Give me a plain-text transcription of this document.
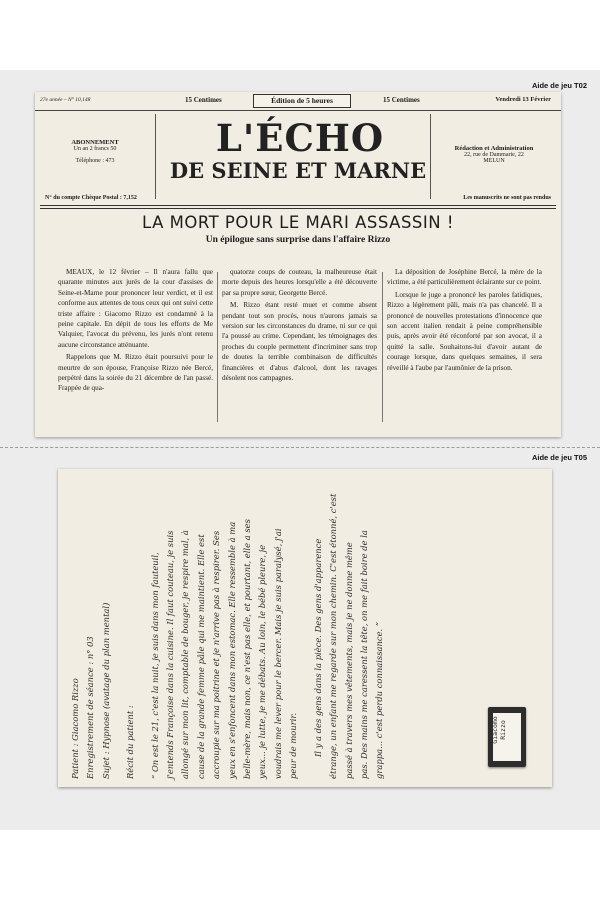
Aide de jeu T02
27e année – N° 10,148	15 Centimes	Édition de 5 heures	15 Centimes	Vendredi 13 Février
ABONNEMENT
Un an 2 francs 50
Téléphone : 473
N° du compte Chèque Postal : 7,152
L'ÉCHO
DE SEINE ET MARNE
Rédaction et Administration
22, rue de Dammarie, 22
MELUN
Les manuscrits ne sont pas rendus
LA MORT POUR LE MARI ASSASSIN !
Un épilogue sans surprise dans l'affaire Rizzo

MEAUX, le 12 février – Il n'aura fallu que quarante minutes aux jurés de la cour d'assises de Seine-et-Marne pour prononcer leur verdict, et il est conforme aux attentes de tous ceux qui ont suivi cette triste affaire : Giacomo Rizzo est condamné à la peine capitale. En dépit de tous les efforts de Me Valquier, l'avocat du prévenu, les jurés n'ont retenu aucune circonstance atténuante.

Rappelons que M. Rizzo était poursuivi pour le meurtre de son épouse, Françoise Rizzo née Bercé, perpétré dans la soirée du 21 décembre de l'an passé. Frappée de qua-

quatorze coups de couteau, la malheureuse était morte depuis des heures lorsqu'elle a été découverte par sa propre sœur, Georgette Bercé.

M. Rizzo étant resté muet et comme absent pendant tout son procès, nous n'aurons jamais sa version sur les circonstances du drame, ni sur ce qui l'a poussé au crime. Cependant, les témoignages des proches du couple permettent d'incriminer sans trop de doutes la terrible combinaison de difficultés financières et d'abus d'alcool, dont les ravages désolent nos campagnes.

La déposition de Joséphine Bercé, la mère de la victime, a été particulièrement éclairante sur ce point.

Lorsque le juge a prononcé les paroles fatidiques, Rizzo a légèrement pâli, mais n'a pas chancelé. Il a prononcé de nouvelles protestations d'innocence que son accent italien rendait à peine compréhensible puis, après avoir été réconforté par son avocat, il a quitté la salle. Souhaitons-lui d'avoir autant de courage lorsque, dans quelques semaines, il sera réveillé à l'aube par l'aumônier de la prison.

Aide de jeu T05
Patient : Giacomo Rizzo Enregistrement de séance : n° 03 Sujet : Hypnose (avatage du plan mental)	Récit du patient :	“ On est le 21, c'est la nuit, je suis dans mon fauteuil, j'entends Françoise dans la cuisine. Il faut couteau, je suis allongé sur mon lit, comptable de bouger, je respire mal, à cause de la grande femme pâle qui me maintient. Elle est accroupie sur ma poitrine et je n'arrive pas à respirer. Ses yeux en s'enfoncent dans mon estomac. Elle ressemble à ma belle-mère, mais non, ce n'est pas elle, et pourtant, elle a ses yeux... je lutte, je me débats. Au loin, le bébé pleure, je voudrais me lever pour le bercer. Mais je suis paralysé, j'ai peur de mourir.	Il y a des gens dans la pièce. Des gens d'apparence étrange, un enfant me regarde sur mon chemin. C'est étonné, c'est passé à travers mes vêtements, mais je ne donne même pas. Des mains me caressent la tête, on me fait boire de la grappa... c'est perdu connaissance. ”	Giacomo Rizzo
